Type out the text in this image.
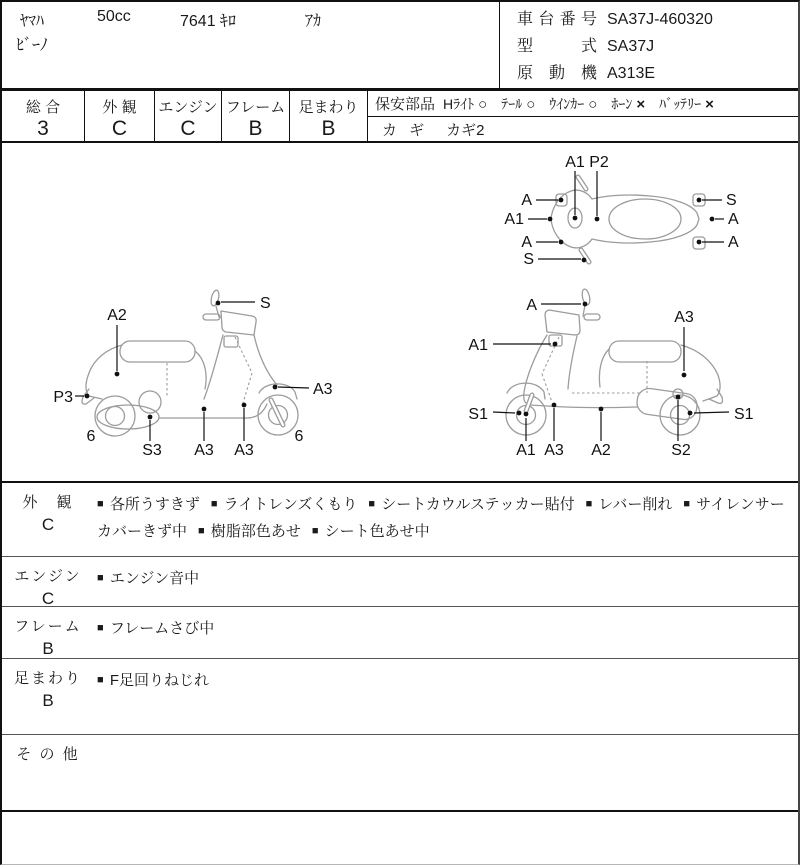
ﾔﾏﾊ	50cc	7641 ｷﾛ	ｱｶ
ﾋﾞｰﾉ
車台番号 SA37J-460320
型式 SA37J
原動機 A313E
総 合
3
外 観
C
エンジン
C
フレーム
B
足まわり
B
保安部品 Hﾗｲﾄ ○ ﾃｰﾙ ○ ｳｲﾝｶｰ ○ ﾎｰﾝ × ﾊﾞｯﾃﾘｰ ×
カ ギ カギ2
A1 P2
A
A1
A
S
S
A
A
S
A2
P3
6
S3 A3 A3
A3
6
A
A1
A3
S1	S1
A1 A3 A2	S2
外　観
C
■ 各所うすきず ■ ライトレンズくもり ■ シートカウルステッカー貼付 ■ レバー削れ ■ サイレンサーカバーきず中 ■ 樹脂部色あせ ■ シート色あせ中
エンジン
C
■ エンジン音中
フレーム
B
■ フレームさび中
足まわり
B
■ F足回りねじれ
そ の 他
